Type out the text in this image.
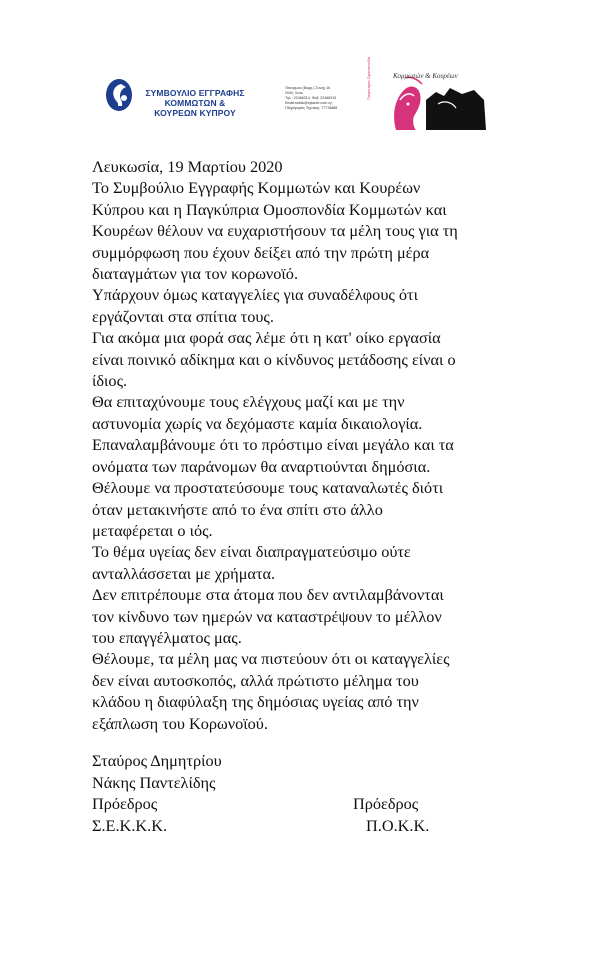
ΣΥΜΒΟΥΛΙΟ ΕΓΓΡΑΦΗΣ
ΚΟΜΜΩΤΩΝ &
ΚΟΥΡΕΩΝ ΚΥΠΡΟΥ
Πανόρμου (Βορρ.) Συνοχ 16
2040, Λευκ.
Τηλ.: 22466314, Φαξ: 22466315
Email:sekkk@cytanet.com.cy
Πληρ/φορίες Τεχνικής: 77778888
Κομμωτών & Κουρέων
Παγκύπρια Ομοσπονδία
Λευκωσία, 19 Μαρτίου 2020
Το Συμβούλιο Εγγραφής Κομμωτών και Κουρέων
Κύπρου και η Παγκύπρια Ομοσπονδία Κομμωτών και
Κουρέων θέλουν να ευχαριστήσουν τα μέλη τους για τη
συμμόρφωση που έχουν δείξει από την πρώτη μέρα
διαταγμάτων για τον κορωνοϊό.
Υπάρχουν όμως καταγγελίες για συναδέλφους ότι
εργάζονται στα σπίτια τους.
Για ακόμα μια φορά σας λέμε ότι η κατ' οίκο εργασία
είναι ποινικό αδίκημα και ο κίνδυνος μετάδοσης είναι ο
ίδιος.
Θα επιταχύνουμε τους ελέγχους μαζί και με την
αστυνομία χωρίς να δεχόμαστε καμία δικαιολογία.
Επαναλαμβάνουμε ότι το πρόστιμο είναι μεγάλο και τα
ονόματα των παράνομων θα αναρτιούνται δημόσια.
Θέλουμε να προστατεύσουμε τους καταναλωτές διότι
όταν μετακινήστε από το ένα σπίτι στο άλλο
μεταφέρεται ο ιός.
Το θέμα υγείας δεν είναι διαπραγματεύσιμο ούτε
ανταλλάσσεται με χρήματα.
Δεν επιτρέπουμε στα άτομα που δεν αντιλαμβάνονται
τον κίνδυνο των ημερών να καταστρέψουν το μέλλον
του επαγγέλματος μας.
Θέλουμε, τα μέλη μας να πιστεύουν ότι οι καταγγελίες
δεν είναι αυτοσκοπός, αλλά πρώτιστο μέλημα του
κλάδου η διαφύλαξη της δημόσιας υγείας από την
εξάπλωση του Κορωνοϊού.
Σταύρος Δημητρίου
Νάκης Παντελίδης
Πρόεδρος	Πρόεδρος
Σ.Ε.Κ.Κ.Κ.	Π.Ο.Κ.Κ.
